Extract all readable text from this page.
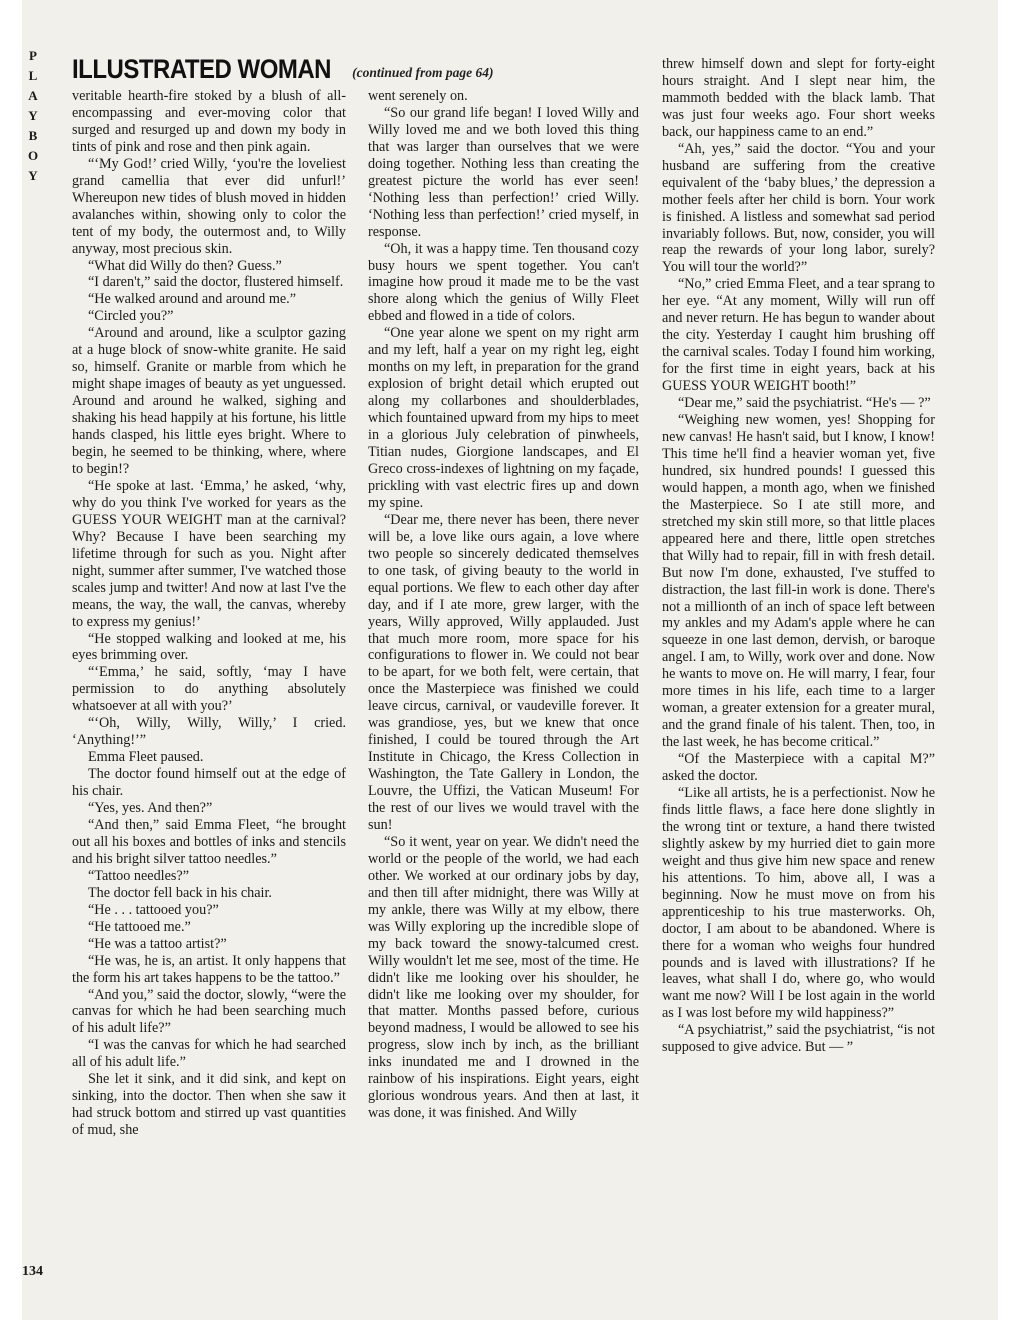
PLAYBOY
ILLUSTRATED WOMAN (continued from page 64)

veritable hearth-fire stoked by a blush of all-encompassing and ever-moving color that surged and resurged up and down my body in tints of pink and rose and then pink again.

“‘My God!’ cried Willy, ‘you're the loveliest grand camellia that ever did unfurl!’ Whereupon new tides of blush moved in hidden avalanches within, showing only to color the tent of my body, the outermost and, to Willy anyway, most precious skin.

“What did Willy do then? Guess.”

“I daren't,” said the doctor, flustered himself.

“He walked around and around me.”

“Circled you?”

“Around and around, like a sculptor gazing at a huge block of snow-white granite. He said so, himself. Granite or marble from which he might shape images of beauty as yet unguessed. Around and around he walked, sighing and shaking his head happily at his fortune, his little hands clasped, his little eyes bright. Where to begin, he seemed to be thinking, where, where to begin!?

“He spoke at last. ‘Emma,’ he asked, ‘why, why do you think I've worked for years as the GUESS YOUR WEIGHT man at the carnival? Why? Because I have been searching my lifetime through for such as you. Night after night, summer after summer, I've watched those scales jump and twitter! And now at last I've the means, the way, the wall, the canvas, whereby to express my genius!’

“He stopped walking and looked at me, his eyes brimming over.

“‘Emma,’ he said, softly, ‘may I have permission to do anything absolutely whatsoever at all with you?’

“‘Oh, Willy, Willy, Willy,’ I cried. ‘Anything!’”

Emma Fleet paused.

The doctor found himself out at the edge of his chair.

“Yes, yes. And then?”

“And then,” said Emma Fleet, “he brought out all his boxes and bottles of inks and stencils and his bright silver tattoo needles.”

“Tattoo needles?”

The doctor fell back in his chair.

“He . . . tattooed you?”

“He tattooed me.”

“He was a tattoo artist?”

“He was, he is, an artist. It only happens that the form his art takes happens to be the tattoo.”

“And you,” said the doctor, slowly, “were the canvas for which he had been searching much of his adult life?”

“I was the canvas for which he had searched all of his adult life.”

She let it sink, and it did sink, and kept on sinking, into the doctor. Then when she saw it had struck bottom and stirred up vast quantities of mud, she

went serenely on.

“So our grand life began! I loved Willy and Willy loved me and we both loved this thing that was larger than ourselves that we were doing together. Nothing less than creating the greatest picture the world has ever seen! ‘Nothing less than perfection!’ cried Willy. ‘Nothing less than perfection!’ cried myself, in response.

“Oh, it was a happy time. Ten thousand cozy busy hours we spent together. You can't imagine how proud it made me to be the vast shore along which the genius of Willy Fleet ebbed and flowed in a tide of colors.

“One year alone we spent on my right arm and my left, half a year on my right leg, eight months on my left, in preparation for the grand explosion of bright detail which erupted out along my collarbones and shoulderblades, which fountained upward from my hips to meet in a glorious July celebration of pinwheels, Titian nudes, Giorgione landscapes, and El Greco cross-indexes of lightning on my façade, prickling with vast electric fires up and down my spine.

“Dear me, there never has been, there never will be, a love like ours again, a love where two people so sincerely dedicated themselves to one task, of giving beauty to the world in equal portions. We flew to each other day after day, and if I ate more, grew larger, with the years, Willy approved, Willy applauded. Just that much more room, more space for his configurations to flower in. We could not bear to be apart, for we both felt, were certain, that once the Masterpiece was finished we could leave circus, carnival, or vaudeville forever. It was grandiose, yes, but we knew that once finished, I could be toured through the Art Institute in Chicago, the Kress Collection in Washington, the Tate Gallery in London, the Louvre, the Uffizi, the Vatican Museum! For the rest of our lives we would travel with the sun!

“So it went, year on year. We didn't need the world or the people of the world, we had each other. We worked at our ordinary jobs by day, and then till after midnight, there was Willy at my ankle, there was Willy at my elbow, there was Willy exploring up the incredible slope of my back toward the snowy-talcumed crest. Willy wouldn't let me see, most of the time. He didn't like me looking over his shoulder, he didn't like me looking over my shoulder, for that matter. Months passed before, curious beyond madness, I would be allowed to see his progress, slow inch by inch, as the brilliant inks inundated me and I drowned in the rainbow of his inspirations. Eight years, eight glorious wondrous years. And then at last, it was done, it was finished. And Willy

threw himself down and slept for forty-eight hours straight. And I slept near him, the mammoth bedded with the black lamb. That was just four weeks ago. Four short weeks back, our happiness came to an end.”

“Ah, yes,” said the doctor. “You and your husband are suffering from the creative equivalent of the ‘baby blues,’ the depression a mother feels after her child is born. Your work is finished. A listless and somewhat sad period invariably follows. But, now, consider, you will reap the rewards of your long labor, surely? You will tour the world?”

“No,” cried Emma Fleet, and a tear sprang to her eye. “At any moment, Willy will run off and never return. He has begun to wander about the city. Yesterday I caught him brushing off the carnival scales. Today I found him working, for the first time in eight years, back at his GUESS YOUR WEIGHT booth!”

“Dear me,” said the psychiatrist. “He's — ?”

“Weighing new women, yes! Shopping for new canvas! He hasn't said, but I know, I know! This time he'll find a heavier woman yet, five hundred, six hundred pounds! I guessed this would happen, a month ago, when we finished the Masterpiece. So I ate still more, and stretched my skin still more, so that little places appeared here and there, little open stretches that Willy had to repair, fill in with fresh detail. But now I'm done, exhausted, I've stuffed to distraction, the last fill-in work is done. There's not a millionth of an inch of space left between my ankles and my Adam's apple where he can squeeze in one last demon, dervish, or baroque angel. I am, to Willy, work over and done. Now he wants to move on. He will marry, I fear, four more times in his life, each time to a larger woman, a greater extension for a greater mural, and the grand finale of his talent. Then, too, in the last week, he has become critical.”

“Of the Masterpiece with a capital M?” asked the doctor.

“Like all artists, he is a perfectionist. Now he finds little flaws, a face here done slightly in the wrong tint or texture, a hand there twisted slightly askew by my hurried diet to gain more weight and thus give him new space and renew his attentions. To him, above all, I was a beginning. Now he must move on from his apprenticeship to his true masterworks. Oh, doctor, I am about to be abandoned. Where is there for a woman who weighs four hundred pounds and is laved with illustrations? If he leaves, what shall I do, where go, who would want me now? Will I be lost again in the world as I was lost before my wild happiness?”

“A psychiatrist,” said the psychiatrist, “is not supposed to give advice. But — ”

134
